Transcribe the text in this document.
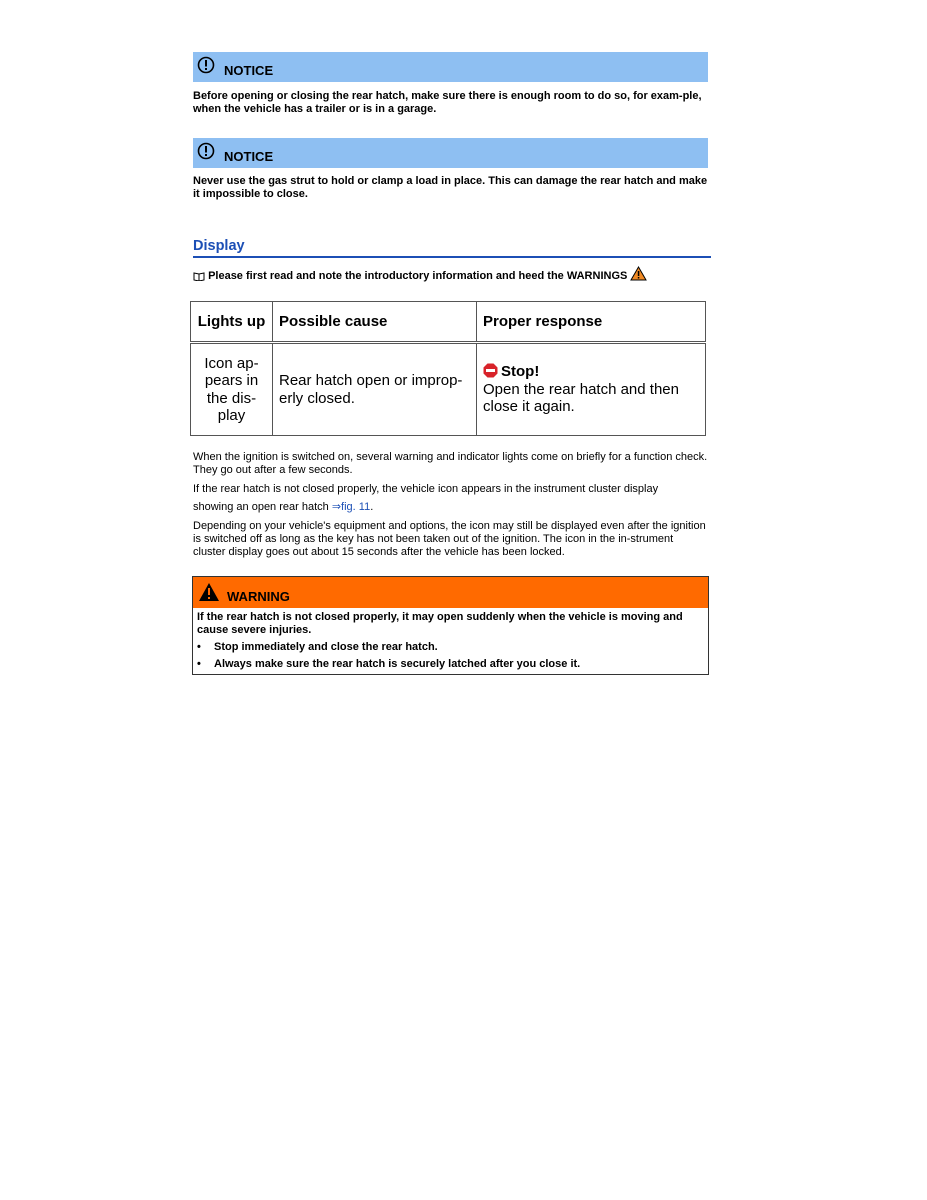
NOTICE
Before opening or closing the rear hatch, make sure there is enough room to do so, for exam-ple, when the vehicle has a trailer or is in a garage.
NOTICE
Never use the gas strut to hold or clamp a load in place. This can damage the rear hatch and make it impossible to close.
Display
Please first read and note the introductory information and heed the WARNINGS
Lights up	Possible cause	Proper response
Icon ap-pears in the dis-play	Rear hatch open or improp-erly closed.	Stop!
Open the rear hatch and then close it again.
When the ignition is switched on, several warning and indicator lights come on briefly for a function check. They go out after a few seconds.
If the rear hatch is not closed properly, the vehicle icon appears in the instrument cluster display
showing an open rear hatch ⇒fig. 11.
Depending on your vehicle's equipment and options, the icon may still be displayed even after the ignition is switched off as long as the key has not been taken out of the ignition. The icon in the in-strument cluster display goes out about 15 seconds after the vehicle has been locked.
WARNING
If the rear hatch is not closed properly, it may open suddenly when the vehicle is moving and cause severe injuries.
• Stop immediately and close the rear hatch.
• Always make sure the rear hatch is securely latched after you close it.
